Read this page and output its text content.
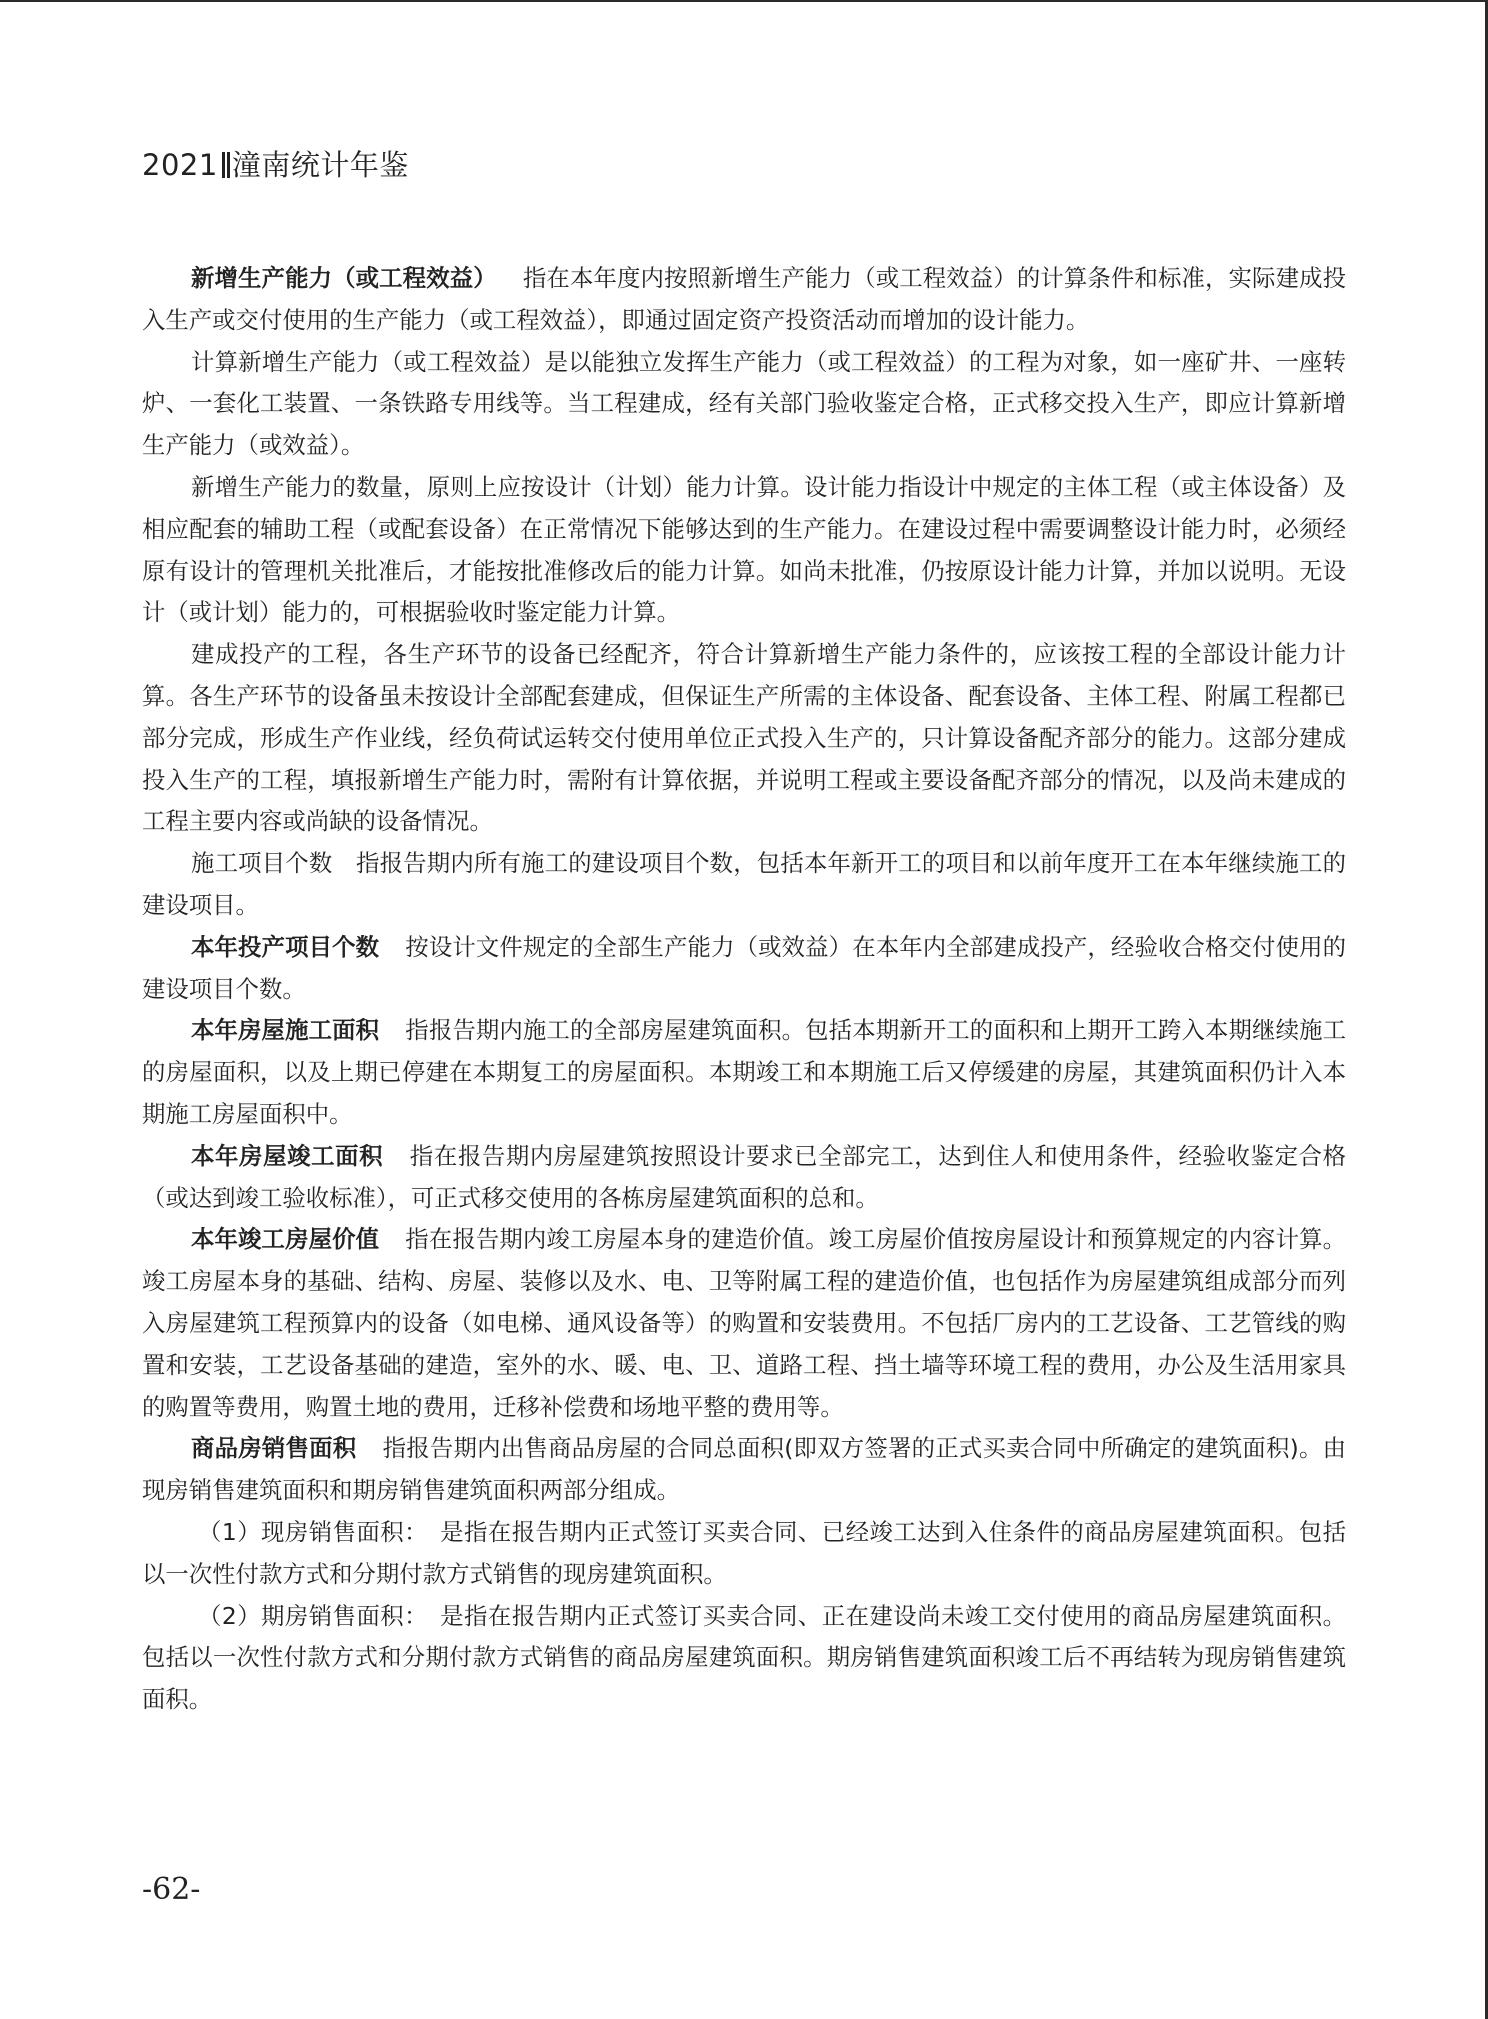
2021 潼南统计年鉴

新增生产能力（或工程效益） 指在本年度内按照新增生产能力（或工程效益）的计算条件和标准，实际建成投入生产或交付使用的生产能力（或工程效益），即通过固定资产投资活动而增加的设计能力。

计算新增生产能力（或工程效益）是以能独立发挥生产能力（或工程效益）的工程为对象，如一座矿井、一座转炉、一套化工装置、一条铁路专用线等。当工程建成，经有关部门验收鉴定合格，正式移交投入生产，即应计算新增生产能力（或效益）。

新增生产能力的数量，原则上应按设计（计划）能力计算。设计能力指设计中规定的主体工程（或主体设备）及相应配套的辅助工程（或配套设备）在正常情况下能够达到的生产能力。在建设过程中需要调整设计能力时，必须经原有设计的管理机关批准后，才能按批准修改后的能力计算。如尚未批准，仍按原设计能力计算，并加以说明。无设计（或计划）能力的，可根据验收时鉴定能力计算。

建成投产的工程，各生产环节的设备已经配齐，符合计算新增生产能力条件的，应该按工程的全部设计能力计算。各生产环节的设备虽未按设计全部配套建成，但保证生产所需的主体设备、配套设备、主体工程、附属工程都已部分完成，形成生产作业线，经负荷试运转交付使用单位正式投入生产的，只计算设备配齐部分的能力。这部分建成投入生产的工程，填报新增生产能力时，需附有计算依据，并说明工程或主要设备配齐部分的情况，以及尚未建成的工程主要内容或尚缺的设备情况。

施工项目个数　指报告期内所有施工的建设项目个数，包括本年新开工的项目和以前年度开工在本年继续施工的建设项目。

本年投产项目个数 按设计文件规定的全部生产能力（或效益）在本年内全部建成投产，经验收合格交付使用的建设项目个数。

本年房屋施工面积 指报告期内施工的全部房屋建筑面积。包括本期新开工的面积和上期开工跨入本期继续施工的房屋面积，以及上期已停建在本期复工的房屋面积。本期竣工和本期施工后又停缓建的房屋，其建筑面积仍计入本期施工房屋面积中。

本年房屋竣工面积 指在报告期内房屋建筑按照设计要求已全部完工，达到住人和使用条件，经验收鉴定合格（或达到竣工验收标准），可正式移交使用的各栋房屋建筑面积的总和。

本年竣工房屋价值 指在报告期内竣工房屋本身的建造价值。竣工房屋价值按房屋设计和预算规定的内容计算。竣工房屋本身的基础、结构、房屋、装修以及水、电、卫等附属工程的建造价值，也包括作为房屋建筑组成部分而列入房屋建筑工程预算内的设备（如电梯、通风设备等）的购置和安装费用。不包括厂房内的工艺设备、工艺管线的购置和安装，工艺设备基础的建造，室外的水、暖、电、卫、道路工程、挡土墙等环境工程的费用，办公及生活用家具的购置等费用，购置土地的费用，迁移补偿费和场地平整的费用等。

商品房销售面积 指报告期内出售商品房屋的合同总面积(即双方签署的正式买卖合同中所确定的建筑面积)。由现房销售建筑面积和期房销售建筑面积两部分组成。

（1）现房销售面积：　是指在报告期内正式签订买卖合同、已经竣工达到入住条件的商品房屋建筑面积。包括以一次性付款方式和分期付款方式销售的现房建筑面积。

（2）期房销售面积：　是指在报告期内正式签订买卖合同、正在建设尚未竣工交付使用的商品房屋建筑面积。包括以一次性付款方式和分期付款方式销售的商品房屋建筑面积。期房销售建筑面积竣工后不再结转为现房销售建筑面积。

-62-
